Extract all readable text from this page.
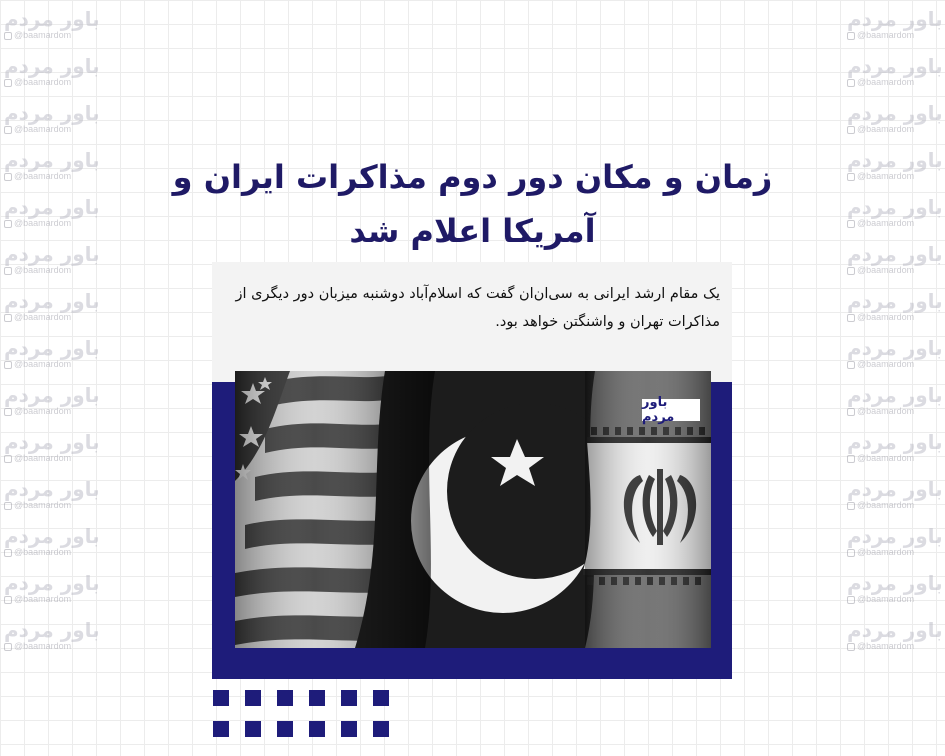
باور مردم
@baamardom
باور مردم
@baamardom
باور مردم
@baamardom
باور مردم
@baamardom
باور مردم
@baamardom
باور مردم
@baamardom
باور مردم
@baamardom
باور مردم
@baamardom
باور مردم
@baamardom
باور مردم
@baamardom
باور مردم
@baamardom
باور مردم
@baamardom
باور مردم
@baamardom
باور مردم
@baamardom
باور مردم
@baamardom
باور مردم
@baamardom
باور مردم
@baamardom
باور مردم
@baamardom
باور مردم
@baamardom
باور مردم
@baamardom
باور مردم
@baamardom
باور مردم
@baamardom
باور مردم
@baamardom
باور مردم
@baamardom
باور مردم
@baamardom
باور مردم
@baamardom
باور مردم
@baamardom
باور مردم
@baamardom
زمان و مکان دور دوم مذاکرات ایران و آمریکا اعلام شد

یک مقام ارشد ایرانی به سی‌ان‌ان گفت که اسلام‌آباد دوشنبه میزبان دور دیگری از مذاکرات تهران و واشنگتن خواهد بود.

باور مردم
